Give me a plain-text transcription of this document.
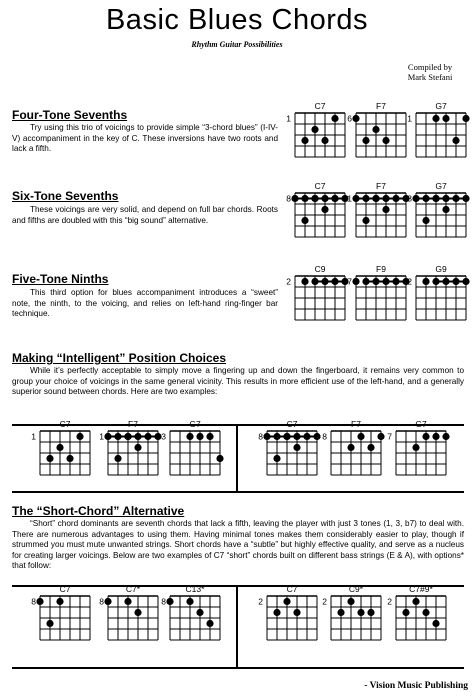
Basic Blues Chords
Rhythm Guitar Possibilities
Compiled by
Mark Stefani
Four-Tone Sevenths
Try using this trio of voicings to provide simple “3-chord blues” (I-IV-V) accompaniment in the key of C. These inversions have two roots and lack a fifth.
Six-Tone Sevenths
These voicings are very solid, and depend on full bar chords. Roots and fifths are doubled with this “big sound” alternative.
Five-Tone Ninths
This third option for blues accompaniment introduces a “sweet” note, the ninth, to the voicing, and relies on left-hand ring-finger bar technique.
Making “Intelligent” Position Choices
While it’s perfectly acceptable to simply move a fingering up and down the fingerboard, it remains very common to group your choice of voicings in the same general vicinity. This results in more efficient use of the left-hand, and a generally superior sound between chords. Here are two examples:
The “Short-Chord” Alternative
“Short” chord dominants are seventh chords that lack a fifth, leaving the player with just 3 tones (1, 3, b7) to deal with. There are numerous advantages to using them. Having minimal tones makes them considerably easier to play, though if strummed you must mute unwanted strings. Short chords have a “subtle” but highly effective quality, and serve as a nucleus for creating larger voicings. Below are two examples of C7 “short” chords built on different bass strings (E & A), with options* that follow:
- Vision Music Publishing
C7
1
F7
6
G7
1
C7
8
F7
1
G7
3
C9
2
F9
7
G9
2
C7
1
F7
1
G7
3
C7
8
F7
8
G7
7
C7
8
C7*
8
C13*
8
C7
2
C9*
2
C7#9*
2
